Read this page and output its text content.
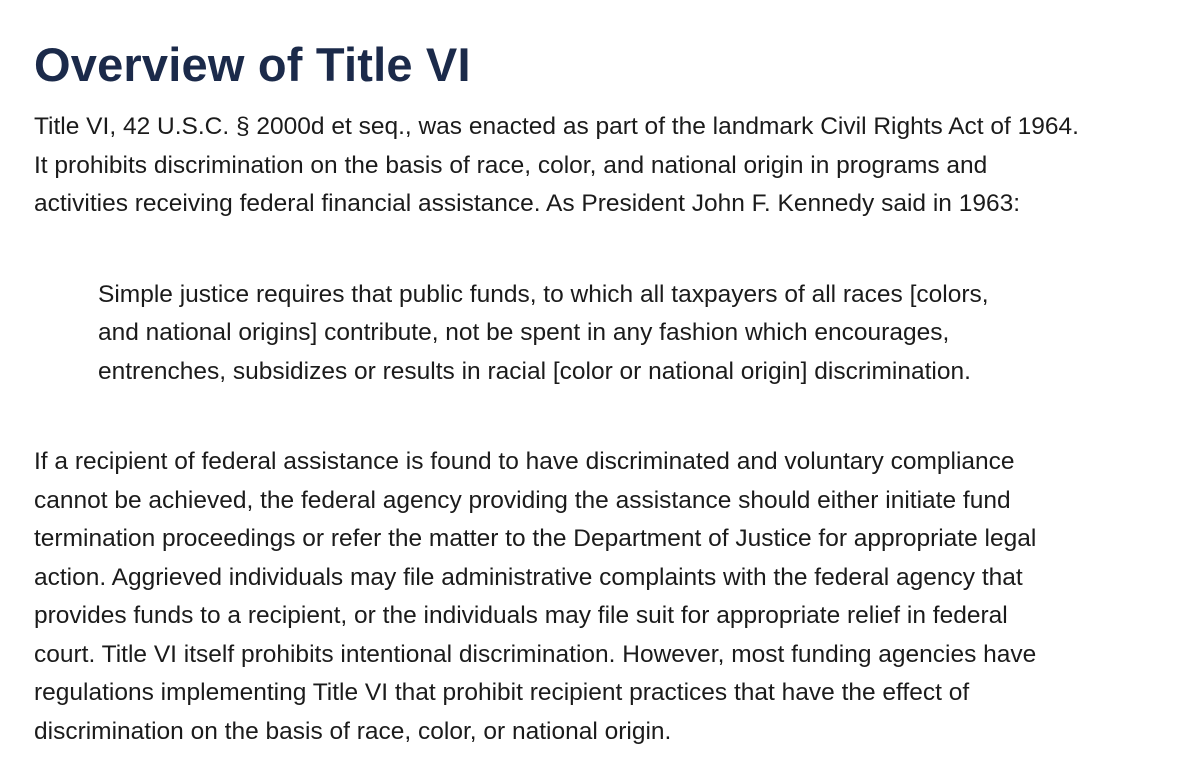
Overview of Title VI

Title VI, 42 U.S.C. § 2000d et seq., was enacted as part of the landmark Civil Rights Act of 1964.
It prohibits discrimination on the basis of race, color, and national origin in programs and
activities receiving federal financial assistance. As President John F. Kennedy said in 1963:

Simple justice requires that public funds, to which all taxpayers of all races [colors,
and national origins] contribute, not be spent in any fashion which encourages,
entrenches, subsidizes or results in racial [color or national origin] discrimination.

If a recipient of federal assistance is found to have discriminated and voluntary compliance
cannot be achieved, the federal agency providing the assistance should either initiate fund
termination proceedings or refer the matter to the Department of Justice for appropriate legal
action. Aggrieved individuals may file administrative complaints with the federal agency that
provides funds to a recipient, or the individuals may file suit for appropriate relief in federal
court. Title VI itself prohibits intentional discrimination. However, most funding agencies have
regulations implementing Title VI that prohibit recipient practices that have the effect of
discrimination on the basis of race, color, or national origin.
